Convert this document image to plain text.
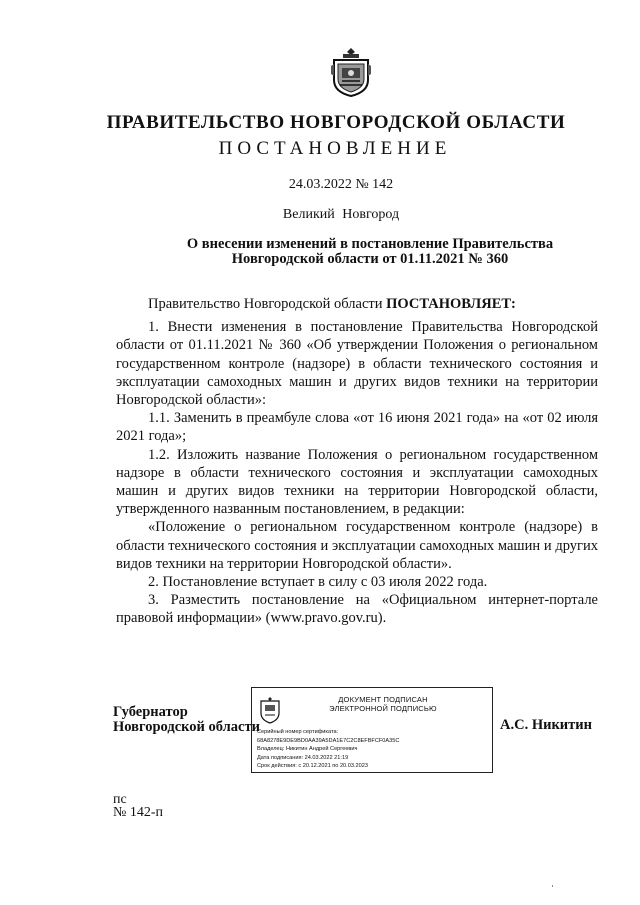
ПРАВИТЕЛЬСТВО НОВГОРОДСКОЙ ОБЛАСТИ
ПОСТАНОВЛЕНИЕ
24.03.2022 № 142
Великий Новгород
О внесении изменений в постановление Правительства
Новгородской области от 01.11.2021 № 360

Правительство Новгородской области ПОСТАНОВЛЯЕТ:

1. Внести изменения в постановление Правительства Новгородской области от 01.11.2021 № 360 «Об утверждении Положения о региональном государственном контроле (надзоре) в области технического состояния и эксплуатации самоходных машин и других видов техники на территории Новгородской области»:

1.1. Заменить в преамбуле слова «от 16 июня 2021 года» на «от 02 июля 2021 года»;

1.2. Изложить название Положения о региональном государственном надзоре в области технического состояния и эксплуатации самоходных машин и других видов техники на территории Новгородской области, утвержденного названным постановлением, в редакции:

«Положение о региональном государственном контроле (надзоре) в области технического состояния и эксплуатации самоходных машин и других видов техники на территории Новгородской области».

2. Постановление вступает в силу с 03 июля 2022 года.

3. Разместить постановление на «Официальном интернет-портале правовой информации» (www.pravo.gov.ru).

Губернатор
Новгородской области
ДОКУМЕНТ ПОДПИСАН
ЭЛЕКТРОННОЙ ПОДПИСЬЮ
Серийный номер сертификата:
68A8278E9DE9BD0AA39A5DA1E7C2C8EFBFCF0A35C
Владелец: Никитин Андрей Сергеевич
Дата подписания: 24.03.2022 21:19
Срок действия: с 20.12.2021 по 20.03.2023
А.С. Никитин
пс
№ 142-п
